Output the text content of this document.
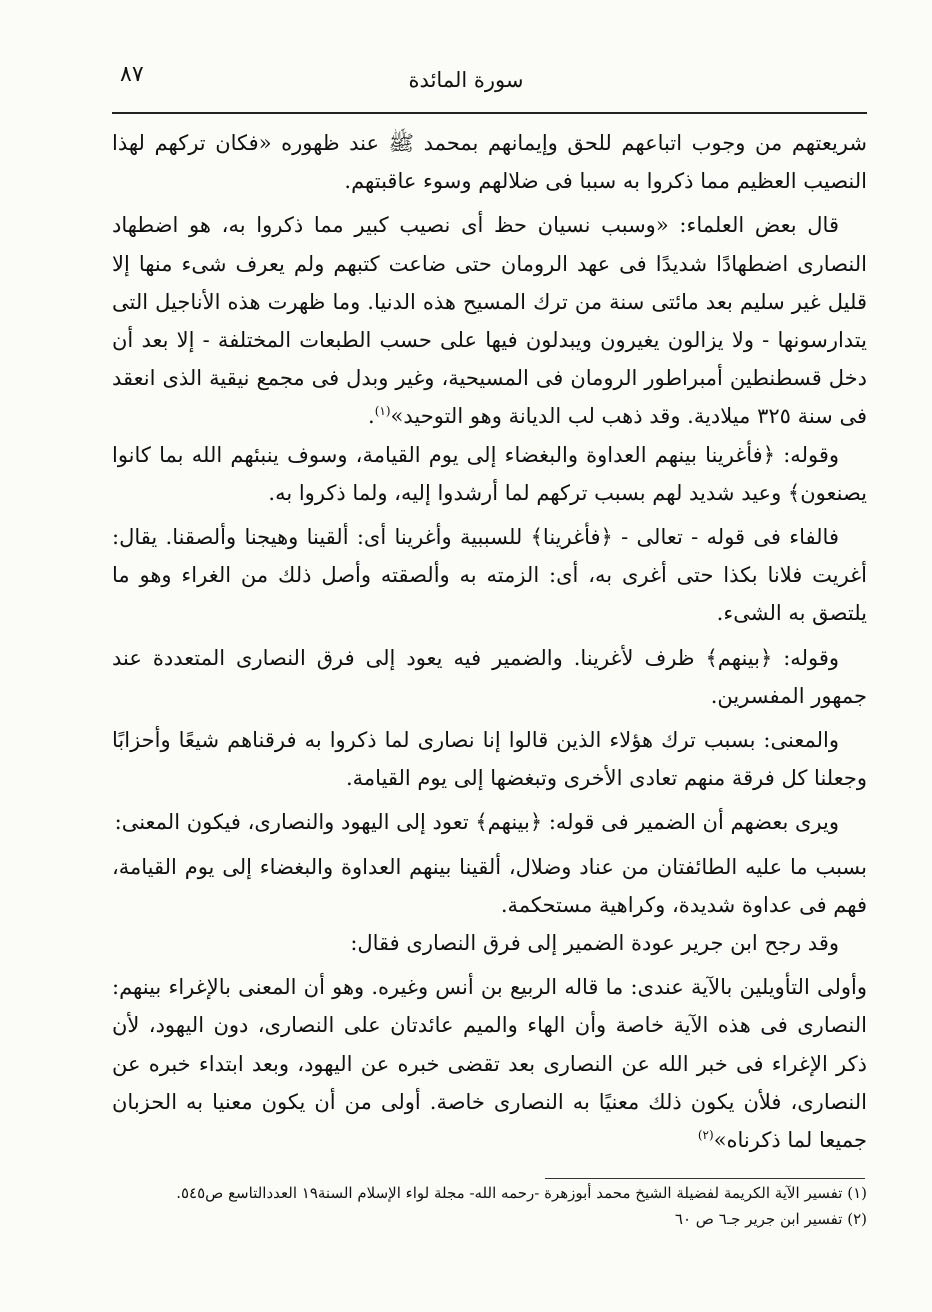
٨٧	سورة المائدة

شريعتهم من وجوب اتباعهم للحق وإيمانهم بمحمد ﷺ عند ظهوره «فكان تركهم لهذا النصيب العظيم مما ذكروا به سببا فى ضلالهم وسوء عاقبتهم.

قال بعض العلماء: «وسبب نسيان حظ أى نصيب كبير مما ذكروا به، هو اضطهاد النصارى اضطهادًا شديدًا فى عهد الرومان حتى ضاعت كتبهم ولم يعرف شىء منها إلا قليل غير سليم بعد مائتى سنة من ترك المسيح هذه الدنيا. وما ظهرت هذه الأناجيل التى يتدارسونها - ولا يزالون يغيرون ويبدلون فيها على حسب الطبعات المختلفة - إلا بعد أن دخل قسطنطين أمبراطور الرومان فى المسيحية، وغير وبدل فى مجمع نيقية الذى انعقد فى سنة ٣٢٥ ميلادية. وقد ذهب لب الديانة وهو التوحيد»$^{(١)}$.

وقوله: ﴿فأغرينا بينهم العداوة والبغضاء إلى يوم القيامة، وسوف ينبئهم الله بما كانوا يصنعون﴾ وعيد شديد لهم بسبب تركهم لما أرشدوا إليه، ولما ذكروا به.

فالفاء فى قوله - تعالى - ﴿فأغرينا﴾ للسببية وأغرينا أى: ألقينا وهيجنا وألصقنا. يقال: أغريت فلانا بكذا حتى أغرى به، أى: الزمته به وألصقته وأصل ذلك من الغراء وهو ما يلتصق به الشىء.

وقوله: ﴿بينهم﴾ ظرف لأغرينا. والضمير فيه يعود إلى فرق النصارى المتعددة عند جمهور المفسرين.

والمعنى: بسبب ترك هؤلاء الذين قالوا إنا نصارى لما ذكروا به فرقناهم شيعًا وأحزابًا وجعلنا كل فرقة منهم تعادى الأخرى وتبغضها إلى يوم القيامة.

ويرى بعضهم أن الضمير فى قوله: ﴿بينهم﴾ تعود إلى اليهود والنصارى، فيكون المعنى:

بسبب ما عليه الطائفتان من عناد وضلال، ألقينا بينهم العداوة والبغضاء إلى يوم القيامة، فهم فى عداوة شديدة، وكراهية مستحكمة.

وقد رجح ابن جرير عودة الضمير إلى فرق النصارى فقال:

وأولى التأويلين بالآية عندى: ما قاله الربيع بن أنس وغيره. وهو أن المعنى بالإغراء بينهم: النصارى فى هذه الآية خاصة وأن الهاء والميم عائدتان على النصارى، دون اليهود، لأن ذكر الإغراء فى خبر الله عن النصارى بعد تقضى خبره عن اليهود، وبعد ابتداء خبره عن النصارى، فلأن يكون ذلك معنيًا به النصارى خاصة. أولى من أن يكون معنيا به الحزبان جميعا لما ذكرناه»$^{(٢)}$

(١) تفسير الآية الكريمة لفضيلة الشيخ محمد أبوزهرة -رحمه الله- مجلة لواء الإسلام السنة١٩ العددالتاسع ص٥٤٥.

(٢) تفسير ابن جرير جـ٦ ص ٦٠
